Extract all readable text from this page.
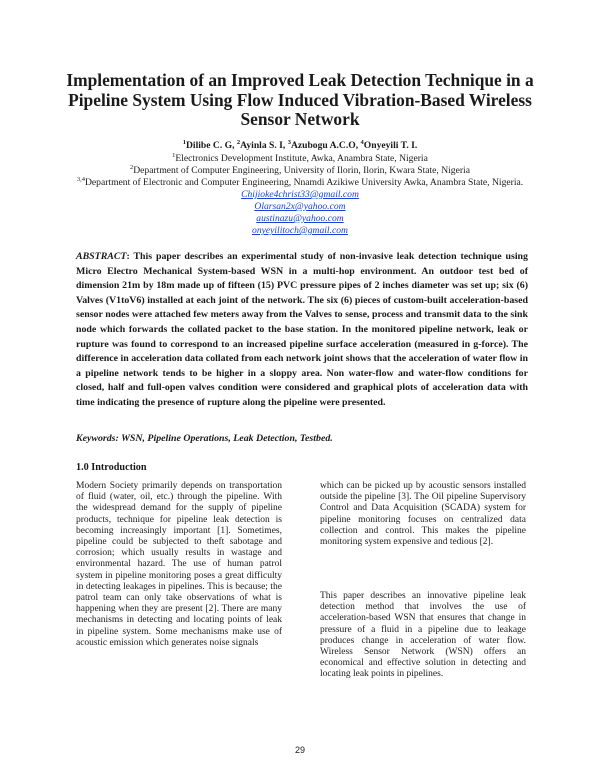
Implementation of an Improved Leak Detection Technique in a Pipeline System Using Flow Induced Vibration-Based Wireless Sensor Network
$^1$Dilibe C. G, $^2$Ayinla S. I, $^3$Azubogu A.C.O, $^4$Onyeyili T. I.
$^1$Electronics Development Institute, Awka, Anambra State, Nigeria
$^2$Department of Computer Engineering, University of Ilorin, Ilorin, Kwara State, Nigeria
$^{3,4}$Department of Electronic and Computer Engineering, Nnamdi Azikiwe University Awka, Anambra State, Nigeria.
Chijioke4christ33@gmail.com
Olarsan2x@yahoo.com
austinazu@yahoo.com
onyeyilitoch@gmail.com

ABSTRACT: This paper describes an experimental study of non-invasive leak detection technique using Micro Electro Mechanical System-based WSN in a multi-hop environment. An outdoor test bed of dimension 21m by 18m made up of fifteen (15) PVC pressure pipes of 2 inches diameter was set up; six (6) Valves (V1toV6) installed at each joint of the network. The six (6) pieces of custom-built acceleration-based sensor nodes were attached few meters away from the Valves to sense, process and transmit data to the sink node which forwards the collated packet to the base station. In the monitored pipeline network, leak or rupture was found to correspond to an increased pipeline surface acceleration (measured in g-force). The difference in acceleration data collated from each network joint shows that the acceleration of water flow in a pipeline network tends to be higher in a sloppy area. Non water-flow and water-flow conditions for closed, half and full-open valves condition were considered and graphical plots of acceleration data with time indicating the presence of rupture along the pipeline were presented.

Keywords: WSN, Pipeline Operations, Leak Detection, Testbed.
1.0 Introduction

Modern Society primarily depends on transportation of fluid (water, oil, etc.) through the pipeline. With the widespread demand for the supply of pipeline products, technique for pipeline leak detection is becoming increasingly important [1]. Sometimes, pipeline could be subjected to theft sabotage and corrosion; which usually results in wastage and environmental hazard. The use of human patrol system in pipeline monitoring poses a great difficulty in detecting leakages in pipelines. This is because; the patrol team can only take observations of what is happening when they are present [2]. There are many mechanisms in detecting and locating points of leak in pipeline system. Some mechanisms make use of acoustic emission which generates noise signals

which can be picked up by acoustic sensors installed outside the pipeline [3]. The Oil pipeline Supervisory Control and Data Acquisition (SCADA) system for pipeline monitoring focuses on centralized data collection and control. This makes the pipeline monitoring system expensive and tedious [2].

This paper describes an innovative pipeline leak detection method that involves the use of acceleration-based WSN that ensures that change in pressure of a fluid in a pipeline due to leakage produces change in acceleration of water flow. Wireless Sensor Network (WSN) offers an economical and effective solution in detecting and locating leak points in pipelines.

29
